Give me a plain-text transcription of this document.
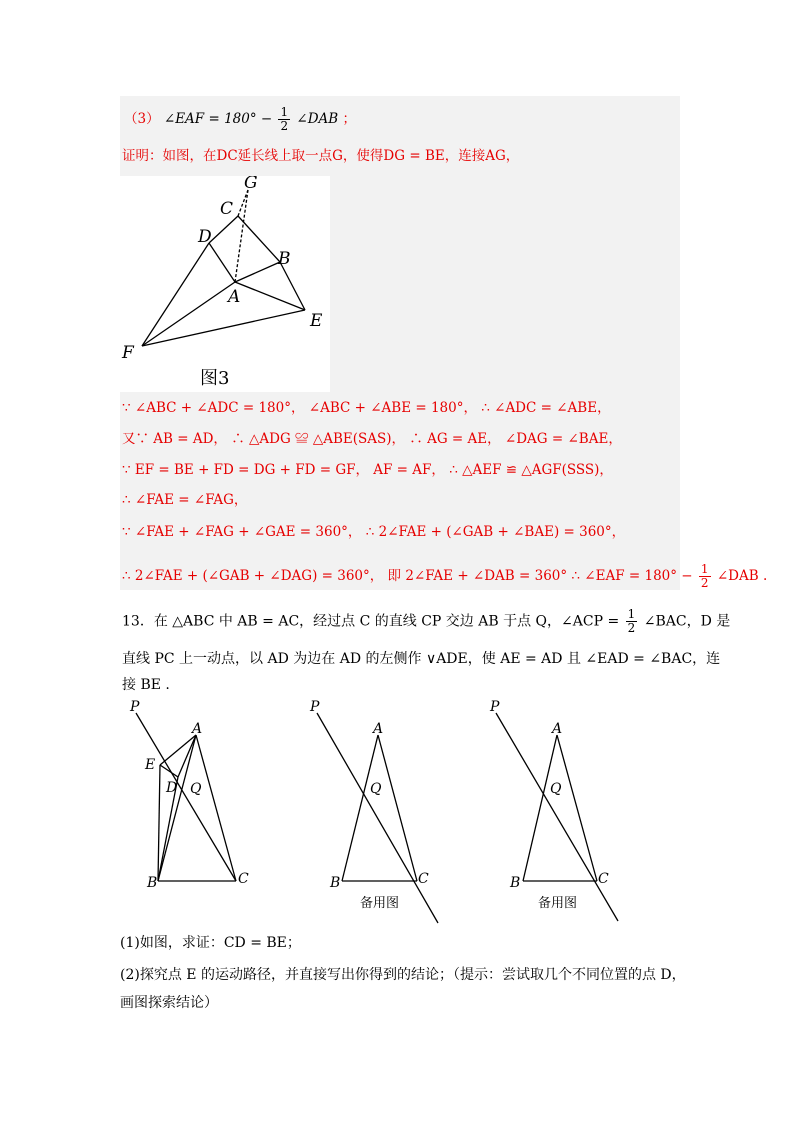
（3） ∠EAF = $180^\circ - \frac{1}{2}$ ∠DAB ；
证明：如图，在DC延长线上取一点G，使得DG = BE，连接AG，
G
C
D
B
A
E
F
图3
∵ ∠ABC + ∠ADC = 180°， ∠ABC + ∠ABE = 180°， ∴ ∠ADC = ∠ABE，
又∵ AB = AD， ∴ △ADG ≌ △ABE(SAS)， ∴ AG = AE， ∠DAG = ∠BAE，
∵ EF = BE + FD = DG + FD = GF， AF = AF， ∴ △AEF ≌ △AGF(SSS)，
∴ ∠FAE = ∠FAG，
∵ ∠FAE + ∠FAG + ∠GAE = 360°， ∴ 2∠FAE + (∠GAB + ∠BAE) = 360°，
∴ 2∠FAE + (∠GAB + ∠DAG) = 360°， 即 2∠FAE + ∠DAB = 360° ∴ ∠EAF = $180^\circ - \frac{1}{2}$ ∠DAB .
13．在 △ABC 中 AB = AC，经过点 C 的直线 CP 交边 AB 于点 Q，∠ACP = $\frac{1}{2}$ ∠BAC，D 是
直线 PC 上一动点，以 AD 为边在 AD 的左侧作 ∨ADE，使 AE = AD 且 ∠EAD = ∠BAC，连
接 BE .
P
A
E
D Q
B	C
P
A
Q
B	C
备用图
P
A
Q
B	C
备用图
(1)如图，求证：CD = BE；
(2)探究点 E 的运动路径，并直接写出你得到的结论；（提示：尝试取几个不同位置的点 D，
画图探索结论）
